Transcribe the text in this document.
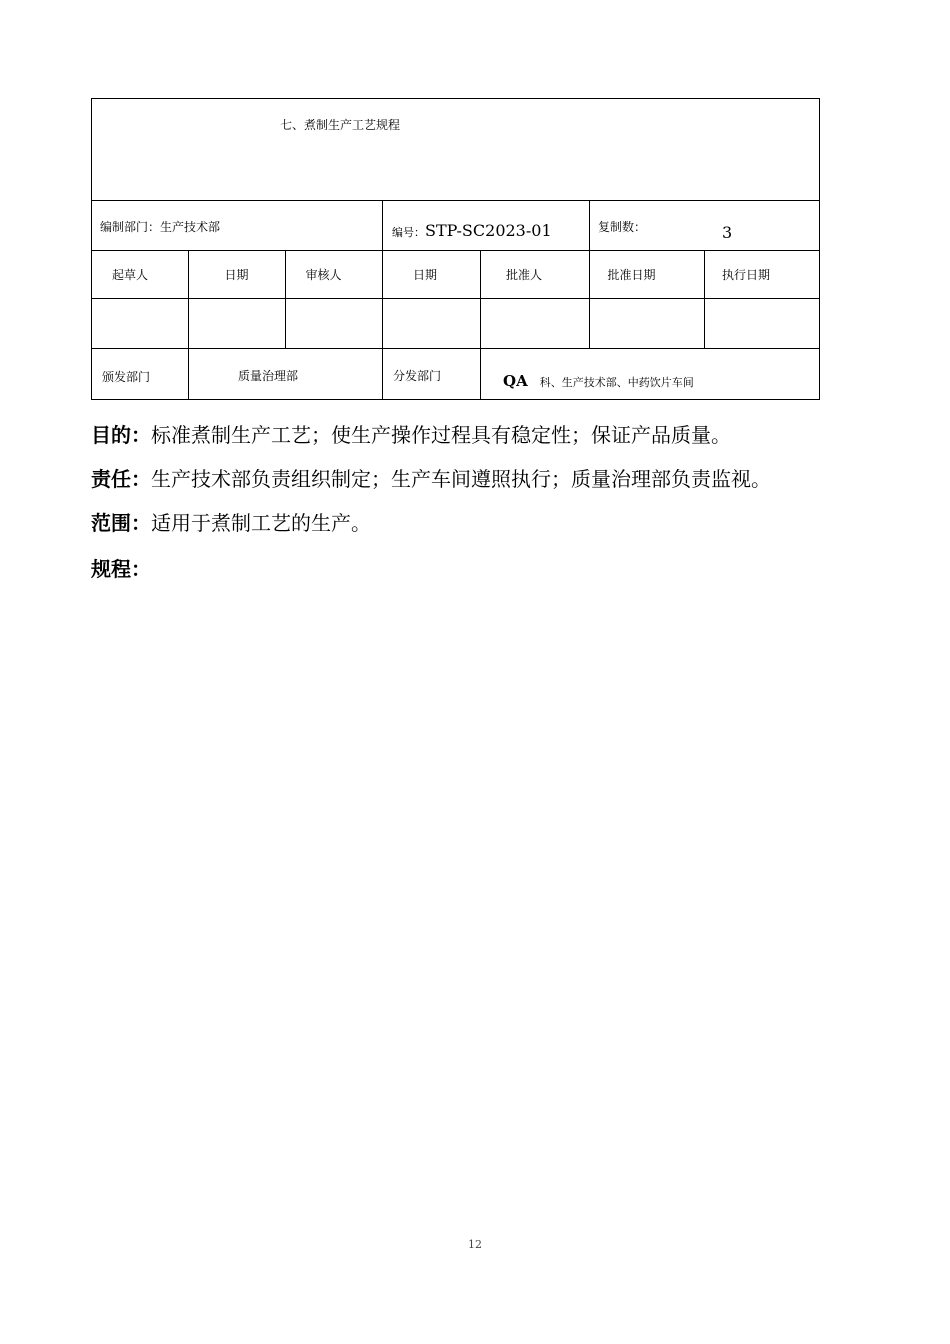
七、煮制生产工艺规程
编制部门：生产技术部	编号：STP-SC2023-01	复制数：	3
起草人	日期	审核人	日期	批准人	批准日期	执行日期
颁发部门	质量治理部	分发部门	QA 科、生产技术部、中药饮片车间
目的：标准煮制生产工艺；使生产操作过程具有稳定性；保证产品质量。
责任：生产技术部负责组织制定；生产车间遵照执行；质量治理部负责监视。
范围：适用于煮制工艺的生产。
规程：
12
